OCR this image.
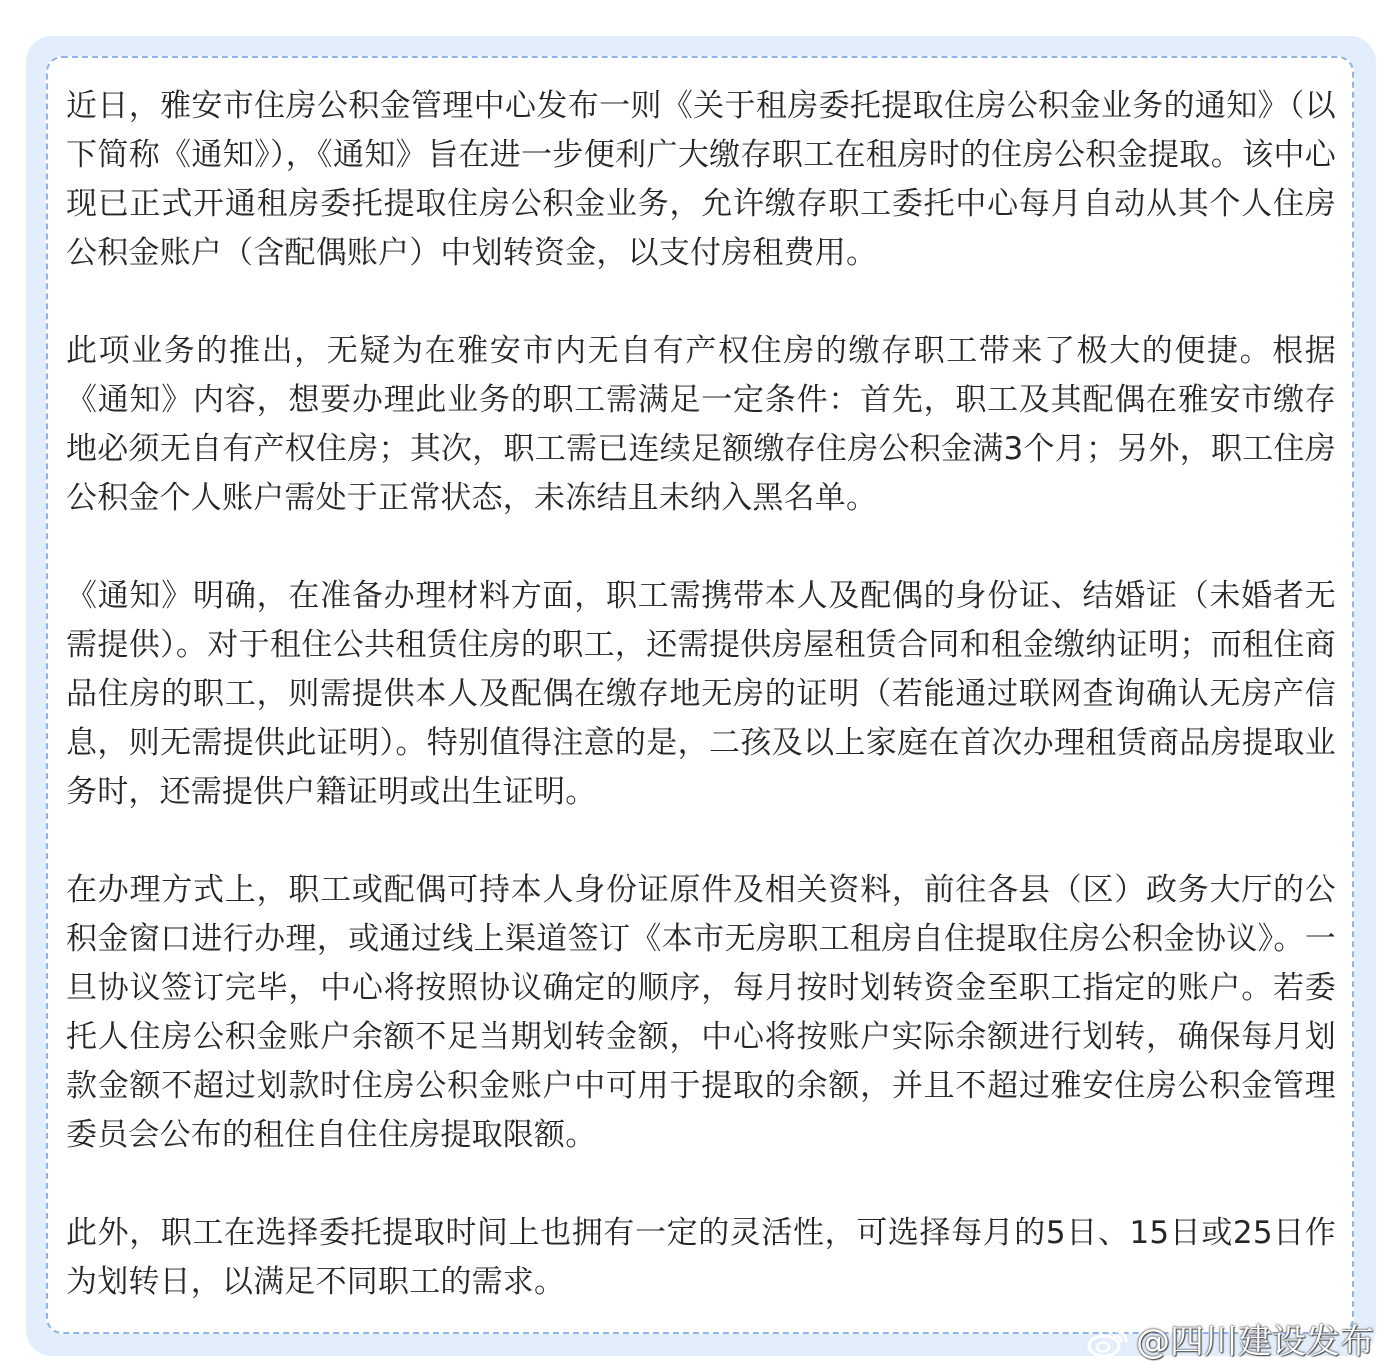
近日，雅安市住房公积金管理中心发布一则《关于租房委托提取住房公积金业务的通知》（以下简称《通知》），《通知》旨在进一步便利广大缴存职工在租房时的住房公积金提取。该中心现已正式开通租房委托提取住房公积金业务，允许缴存职工委托中心每月自动从其个人住房公积金账户（含配偶账户）中划转资金，以支付房租费用。

此项业务的推出，无疑为在雅安市内无自有产权住房的缴存职工带来了极大的便捷。根据《通知》内容，想要办理此业务的职工需满足一定条件：首先，职工及其配偶在雅安市缴存地必须无自有产权住房；其次，职工需已连续足额缴存住房公积金满3个月；另外，职工住房公积金个人账户需处于正常状态，未冻结且未纳入黑名单。

《通知》明确，在准备办理材料方面，职工需携带本人及配偶的身份证、结婚证（未婚者无需提供）。对于租住公共租赁住房的职工，还需提供房屋租赁合同和租金缴纳证明；而租住商品住房的职工，则需提供本人及配偶在缴存地无房的证明（若能通过联网查询确认无房产信息，则无需提供此证明）。特别值得注意的是，二孩及以上家庭在首次办理租赁商品房提取业务时，还需提供户籍证明或出生证明。

在办理方式上，职工或配偶可持本人身份证原件及相关资料，前往各县（区）政务大厅的公积金窗口进行办理，或通过线上渠道签订《本市无房职工租房自住提取住房公积金协议》。一旦协议签订完毕，中心将按照协议确定的顺序，每月按时划转资金至职工指定的账户。若委托人住房公积金账户余额不足当期划转金额，中心将按账户实际余额进行划转，确保每月划款金额不超过划款时住房公积金账户中可用于提取的余额，并且不超过雅安住房公积金管理委员会公布的租住自住住房提取限额。

此外，职工在选择委托提取时间上也拥有一定的灵活性，可选择每月的5日、15日或25日作为划转日，以满足不同职工的需求。

@四川建设发布
